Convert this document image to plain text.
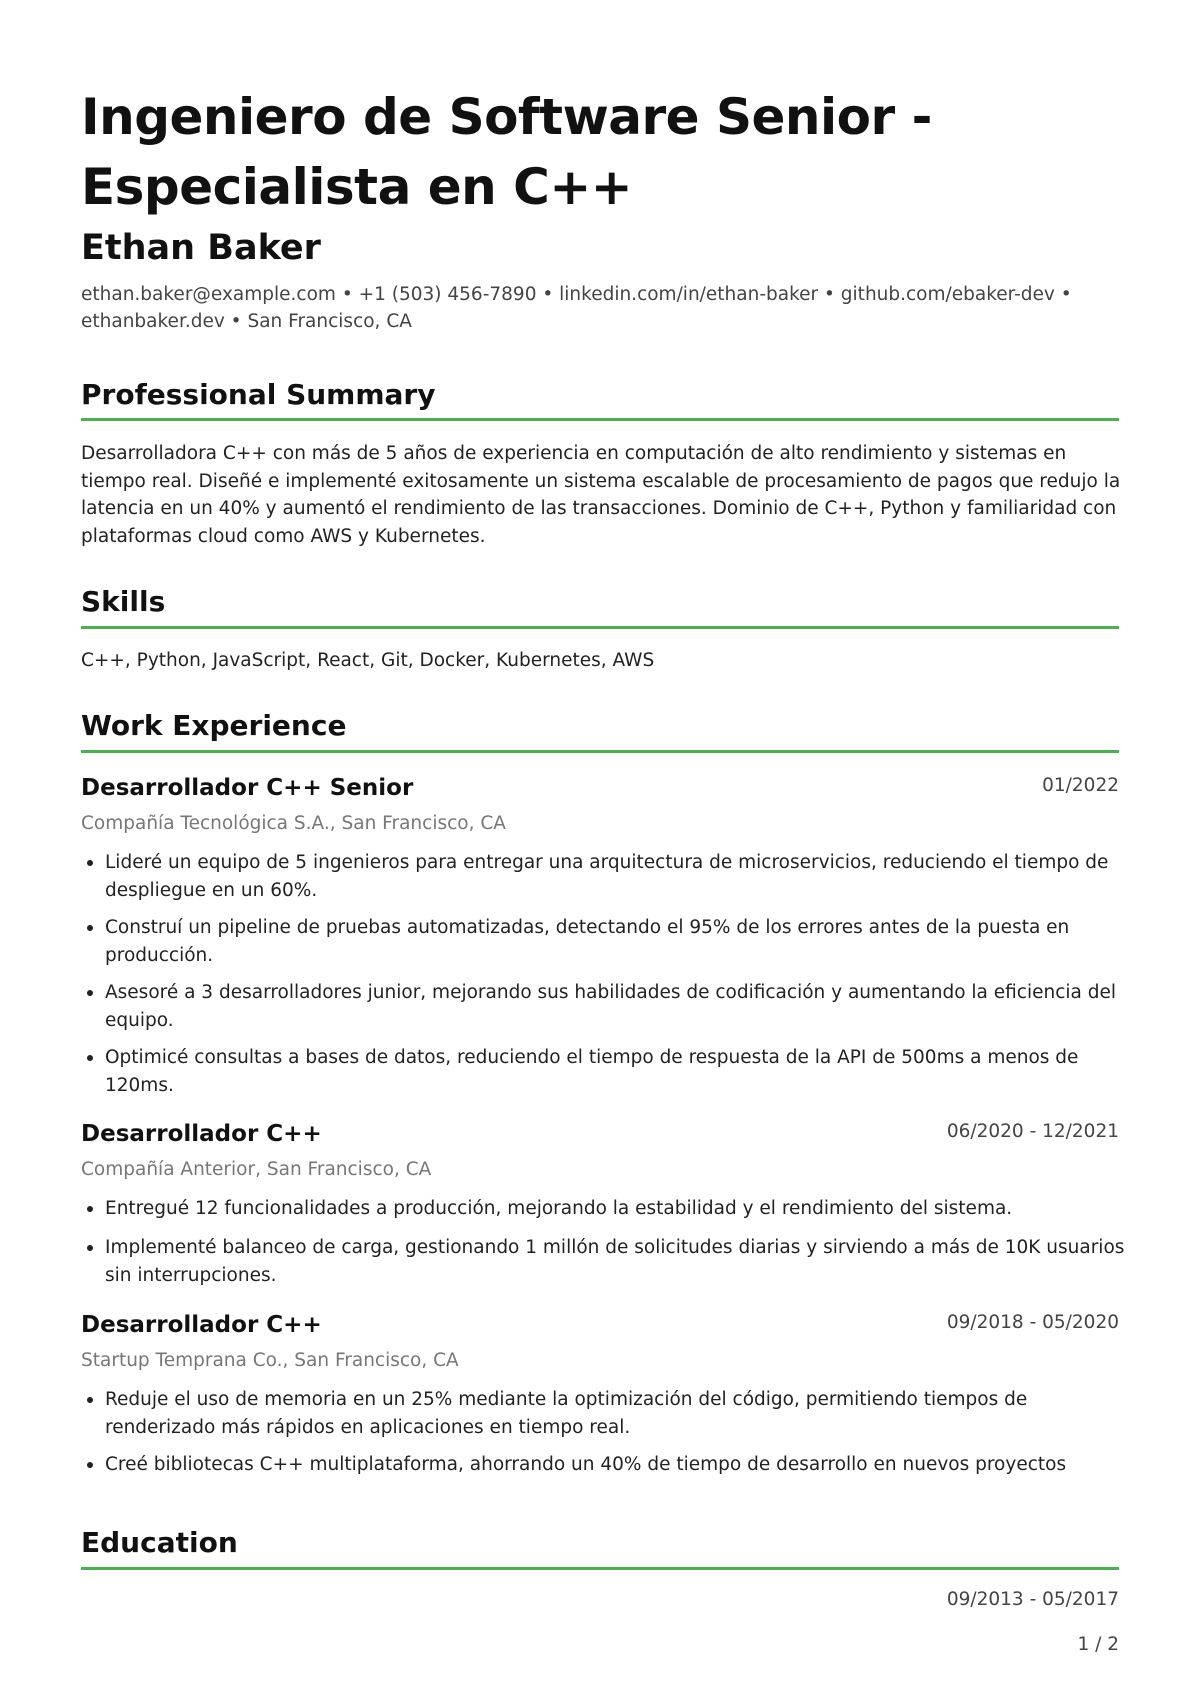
Ingeniero de Software Senior - Especialista en C++
Ethan Baker
ethan.baker@example.com • +1 (503) 456-7890 • linkedin.com/in/ethan-baker • github.com/ebaker-dev • ethanbaker.dev • San Francisco, CA
Professional Summary
Desarrolladora C++ con más de 5 años de experiencia en computación de alto rendimiento y sistemas en tiempo real. Diseñé e implementé exitosamente un sistema escalable de procesamiento de pagos que redujo la latencia en un 40% y aumentó el rendimiento de las transacciones. Dominio de C++, Python y familiaridad con plataformas cloud como AWS y Kubernetes.
Skills
C++, Python, JavaScript, React, Git, Docker, Kubernetes, AWS
Work Experience
Desarrollador C++ Senior	01/2022
Compañía Tecnológica S.A., San Francisco, CA
Lideré un equipo de 5 ingenieros para entregar una arquitectura de microservicios, reduciendo el tiempo de despliegue en un 60%.
Construí un pipeline de pruebas automatizadas, detectando el 95% de los errores antes de la puesta en producción.
Asesoré a 3 desarrolladores junior, mejorando sus habilidades de codificación y aumentando la eficiencia del equipo.
Optimicé consultas a bases de datos, reduciendo el tiempo de respuesta de la API de 500ms a menos de 120ms.
Desarrollador C++	06/2020 - 12/2021
Compañía Anterior, San Francisco, CA
Entregué 12 funcionalidades a producción, mejorando la estabilidad y el rendimiento del sistema.
Implementé balanceo de carga, gestionando 1 millón de solicitudes diarias y sirviendo a más de 10K usuarios sin interrupciones.
Desarrollador C++	09/2018 - 05/2020
Startup Temprana Co., San Francisco, CA
Reduje el uso de memoria en un 25% mediante la optimización del código, permitiendo tiempos de renderizado más rápidos en aplicaciones en tiempo real.
Creé bibliotecas C++ multiplataforma, ahorrando un 40% de tiempo de desarrollo en nuevos proyectos
Education
09/2013 - 05/2017
1 / 2
